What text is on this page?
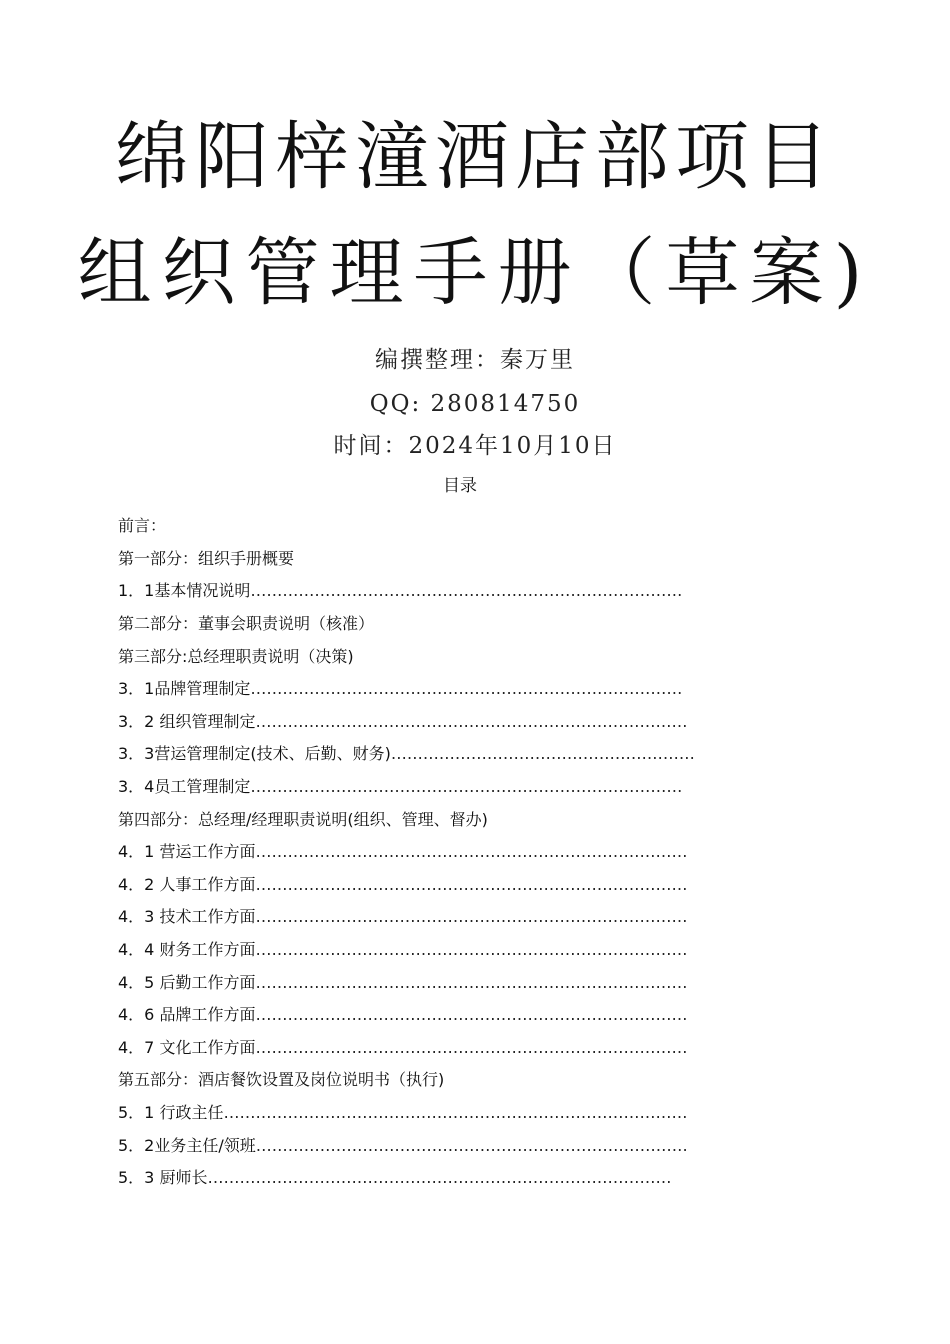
绵阳梓潼酒店部项目
组织管理手册（草案)
编撰整理：秦万里
QQ: 280814750
时间：2024年10月10日
目录
前言：
第一部分：组织手册概要
1．1基本情况说明 ………………………………………………………………………
第二部分：董事会职责说明（核准）
第三部分:总经理职责说明（决策)
3．1品牌管理制定 ………………………………………………………………………
3．2 组织管理制定 ………………………………………………………………………
3．3营运管理制定(技术、后勤、财务) …………………………………………………
3．4员工管理制定 ………………………………………………………………………
第四部分：总经理/经理职责说明(组织、管理、督办)
4．1 营运工作方面 ………………………………………………………………………
4．2 人事工作方面 ………………………………………………………………………
4．3 技术工作方面 ………………………………………………………………………
4．4 财务工作方面 ………………………………………………………………………
4．5 后勤工作方面 ………………………………………………………………………
4．6 品牌工作方面 ………………………………………………………………………
4．7 文化工作方面 ………………………………………………………………………
第五部分：酒店餐饮设置及岗位说明书（执行)
5．1 行政主任 ……………………………………………………………………………
5．2业务主任/领班 ………………………………………………………………………
5．3 厨师长 ……………………………………………………………………………
